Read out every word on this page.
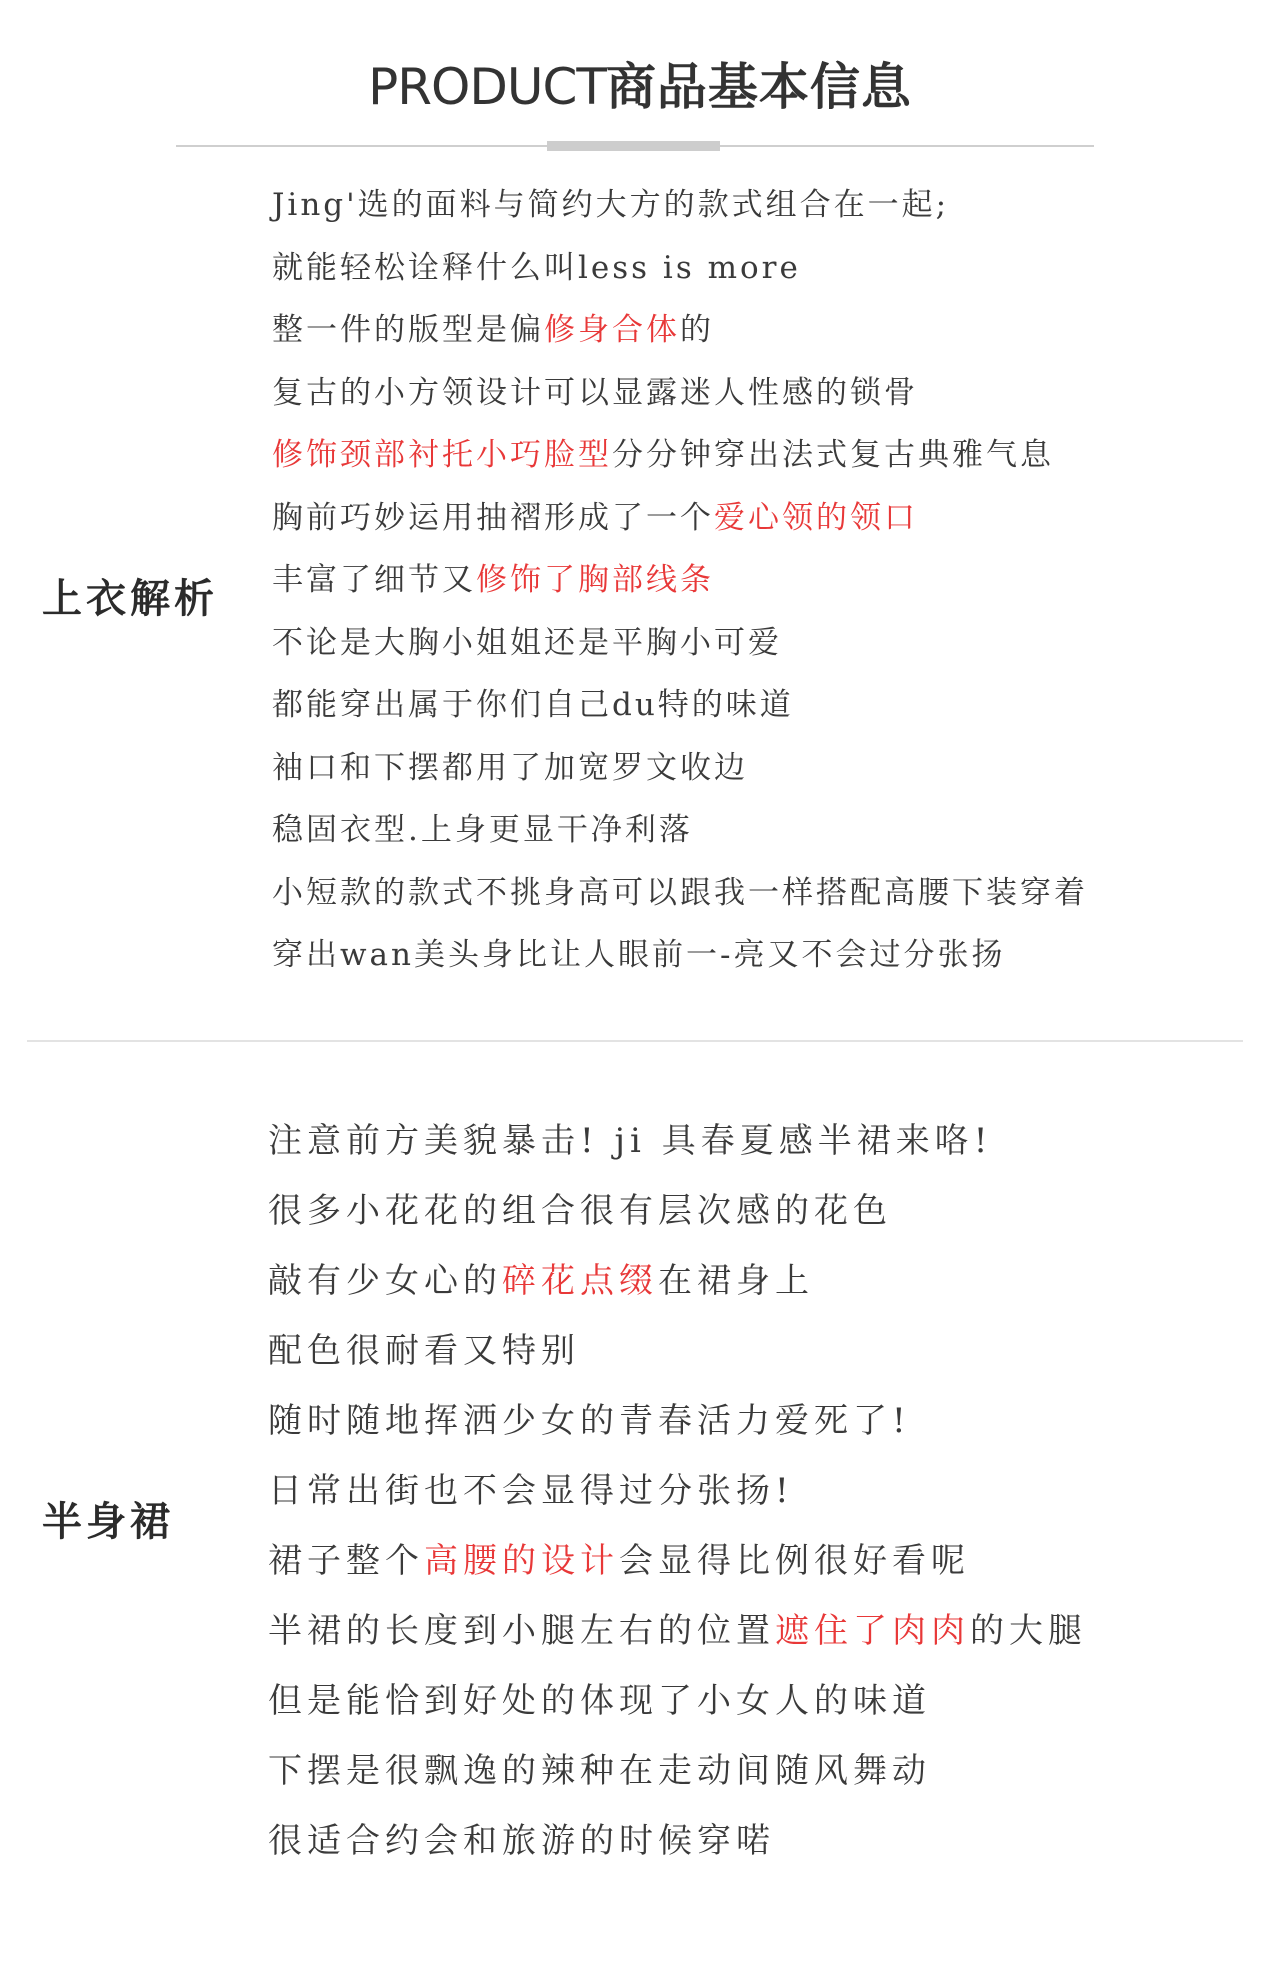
PRODUCT商品基本信息
上衣解析
Jing'选的面料与简约大方的款式组合在一起;
就能轻松诠释什么叫less is more
整一件的版型是偏修身合体的
复古的小方领设计可以显露迷人性感的锁骨
修饰颈部衬托小巧脸型分分钟穿出法式复古典雅气息
胸前巧妙运用抽褶形成了一个爱心领的领口
丰富了细节又修饰了胸部线条
不论是大胸小姐姐还是平胸小可爱
都能穿出属于你们自己du特的味道
袖口和下摆都用了加宽罗文收边
稳固衣型.上身更显干净利落
小短款的款式不挑身高可以跟我一样搭配高腰下装穿着
穿出wan美头身比让人眼前一-亮又不会过分张扬
半身裙
注意前方美貌暴击! ji 具春夏感半裙来咯!
很多小花花的组合很有层次感的花色
敲有少女心的碎花点缀在裙身上
配色很耐看又特别
随时随地挥洒少女的青春活力爱死了!
日常出街也不会显得过分张扬!
裙子整个高腰的设计会显得比例很好看呢
半裙的长度到小腿左右的位置遮住了肉肉的大腿
但是能恰到好处的体现了小女人的味道
下摆是很飘逸的辣种在走动间随风舞动
很适合约会和旅游的时候穿喏
